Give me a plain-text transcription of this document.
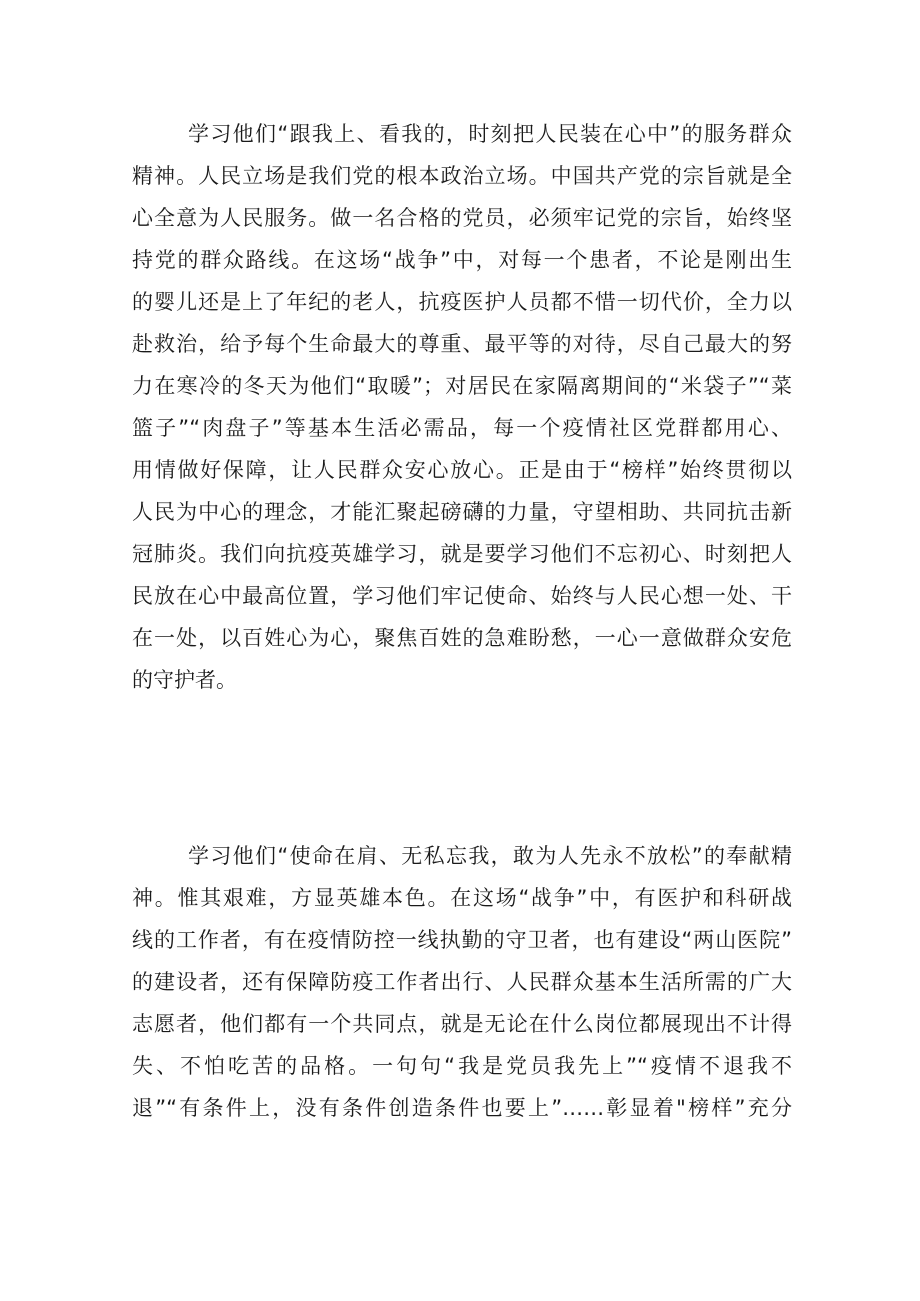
学习他们“跟我上、看我的，时刻把人民装在心中”的服务群众
精神。人民立场是我们党的根本政治立场。中国共产党的宗旨就是全
心全意为人民服务。做一名合格的党员，必须牢记党的宗旨，始终坚
持党的群众路线。在这场“战争”中，对每一个患者，不论是刚出生
的婴儿还是上了年纪的老人，抗疫医护人员都不惜一切代价，全力以
赴救治，给予每个生命最大的尊重、最平等的对待，尽自己最大的努
力在寒冷的冬天为他们“取暖”；对居民在家隔离期间的“米袋子”“菜
篮子”“肉盘子”等基本生活必需品，每一个疫情社区党群都用心、
用情做好保障，让人民群众安心放心。正是由于“榜样”始终贯彻以
人民为中心的理念，才能汇聚起磅礴的力量，守望相助、共同抗击新
冠肺炎。我们向抗疫英雄学习，就是要学习他们不忘初心、时刻把人
民放在心中最高位置，学习他们牢记使命、始终与人民心想一处、干
在一处，以百姓心为心，聚焦百姓的急难盼愁，一心一意做群众安危
的守护者。
学习他们“使命在肩、无私忘我，敢为人先永不放松”的奉献精
神。惟其艰难，方显英雄本色。在这场“战争”中，有医护和科研战
线的工作者，有在疫情防控一线执勤的守卫者，也有建设“两山医院”
的建设者，还有保障防疫工作者出行、人民群众基本生活所需的广大
志愿者，他们都有一个共同点，就是无论在什么岗位都展现出不计得
失、不怕吃苦的品格。一句句“我是党员我先上”“疫情不退我不
退”“有条件上，没有条件创造条件也要上”……彰显着"榜样”充分
